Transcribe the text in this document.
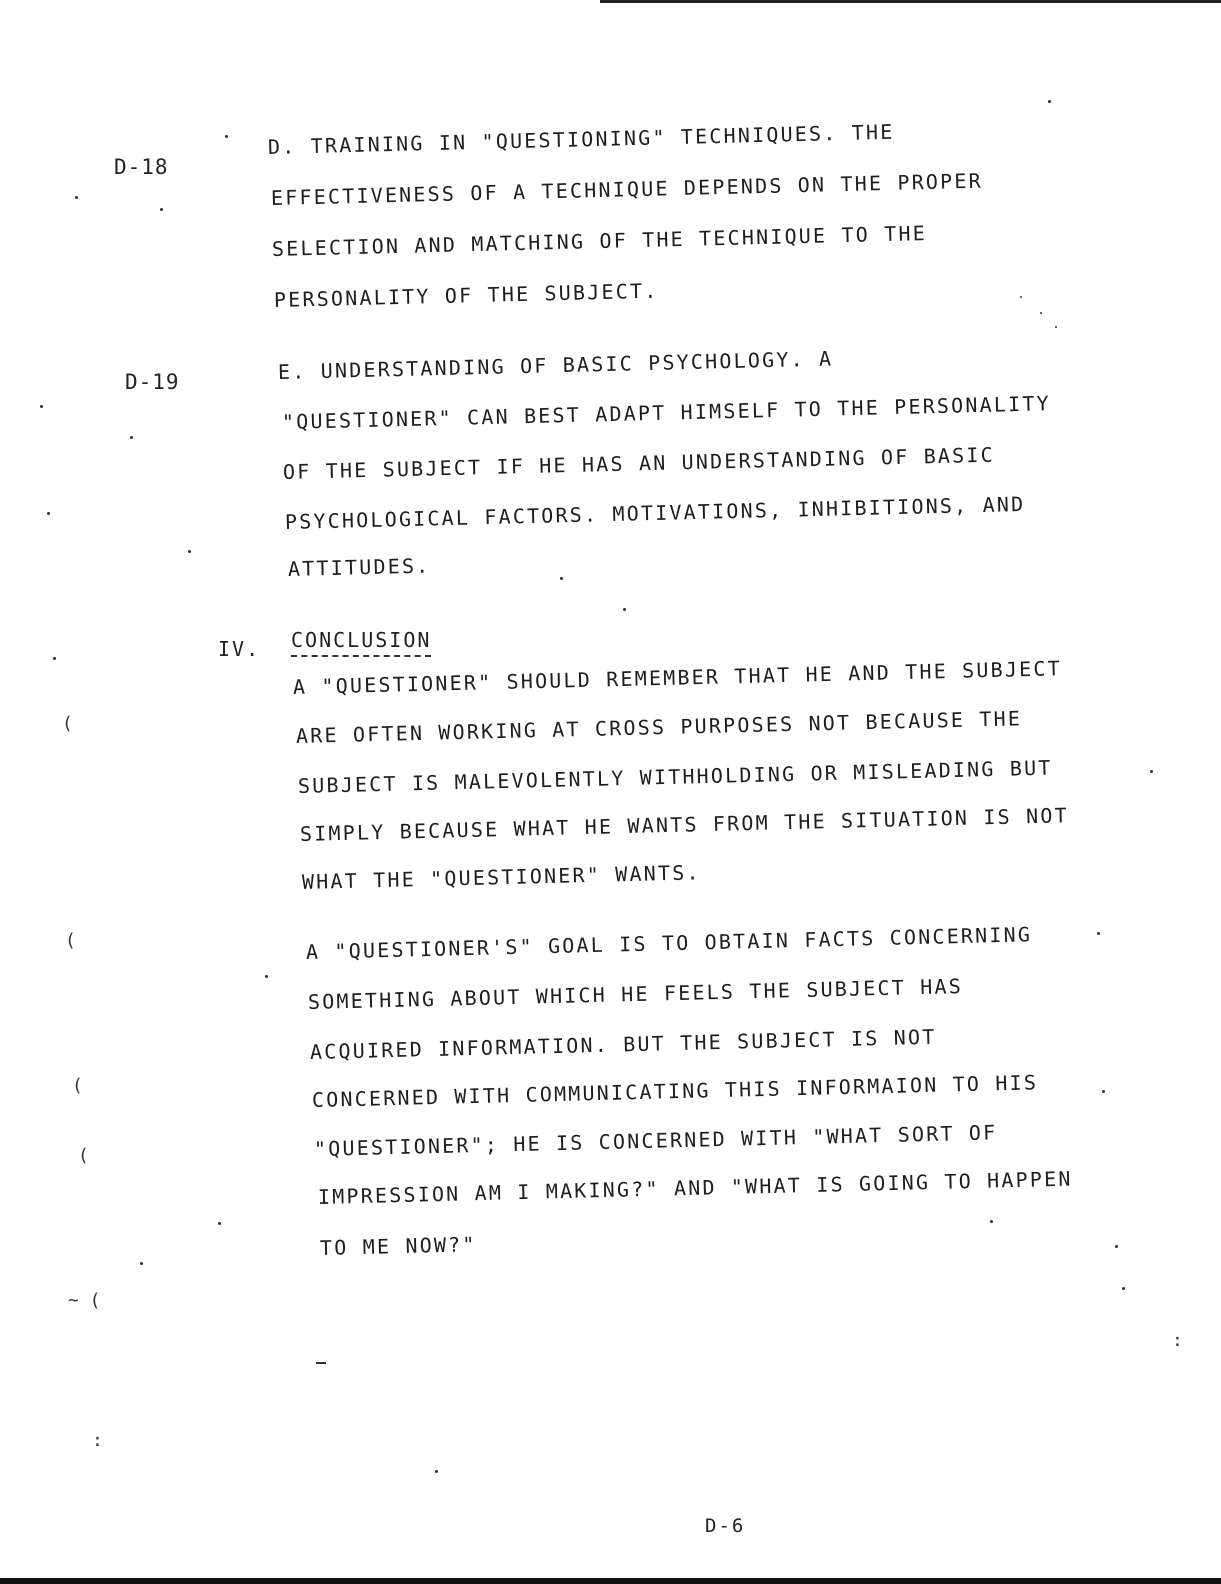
D-18
D. TRAINING IN "QUESTIONING" TECHNIQUES. THE
EFFECTIVENESS OF A TECHNIQUE DEPENDS ON THE PROPER
SELECTION AND MATCHING OF THE TECHNIQUE TO THE
PERSONALITY OF THE SUBJECT.
D-19	E. UNDERSTANDING OF BASIC PSYCHOLOGY. A
"QUESTIONER" CAN BEST ADAPT HIMSELF TO THE PERSONALITY
OF THE SUBJECT IF HE HAS AN UNDERSTANDING OF BASIC
PSYCHOLOGICAL FACTORS. MOTIVATIONS, INHIBITIONS, AND
ATTITUDES.
IV. CONCLUSION
A "QUESTIONER" SHOULD REMEMBER THAT HE AND THE SUBJECT
ARE OFTEN WORKING AT CROSS PURPOSES NOT BECAUSE THE
SUBJECT IS MALEVOLENTLY WITHHOLDING OR MISLEADING BUT
SIMPLY BECAUSE WHAT HE WANTS FROM THE SITUATION IS NOT
WHAT THE "QUESTIONER" WANTS.
A "QUESTIONER'S" GOAL IS TO OBTAIN FACTS CONCERNING
SOMETHING ABOUT WHICH HE FEELS THE SUBJECT HAS
ACQUIRED INFORMATION. BUT THE SUBJECT IS NOT
CONCERNED WITH COMMUNICATING THIS INFORMAION TO HIS
"QUESTIONER"; HE IS CONCERNED WITH "WHAT SORT OF
IMPRESSION AM I MAKING?" AND "WHAT IS GOING TO HAPPEN
TO ME NOW?"
D-6
(
(
(
(
~ (
:
:
